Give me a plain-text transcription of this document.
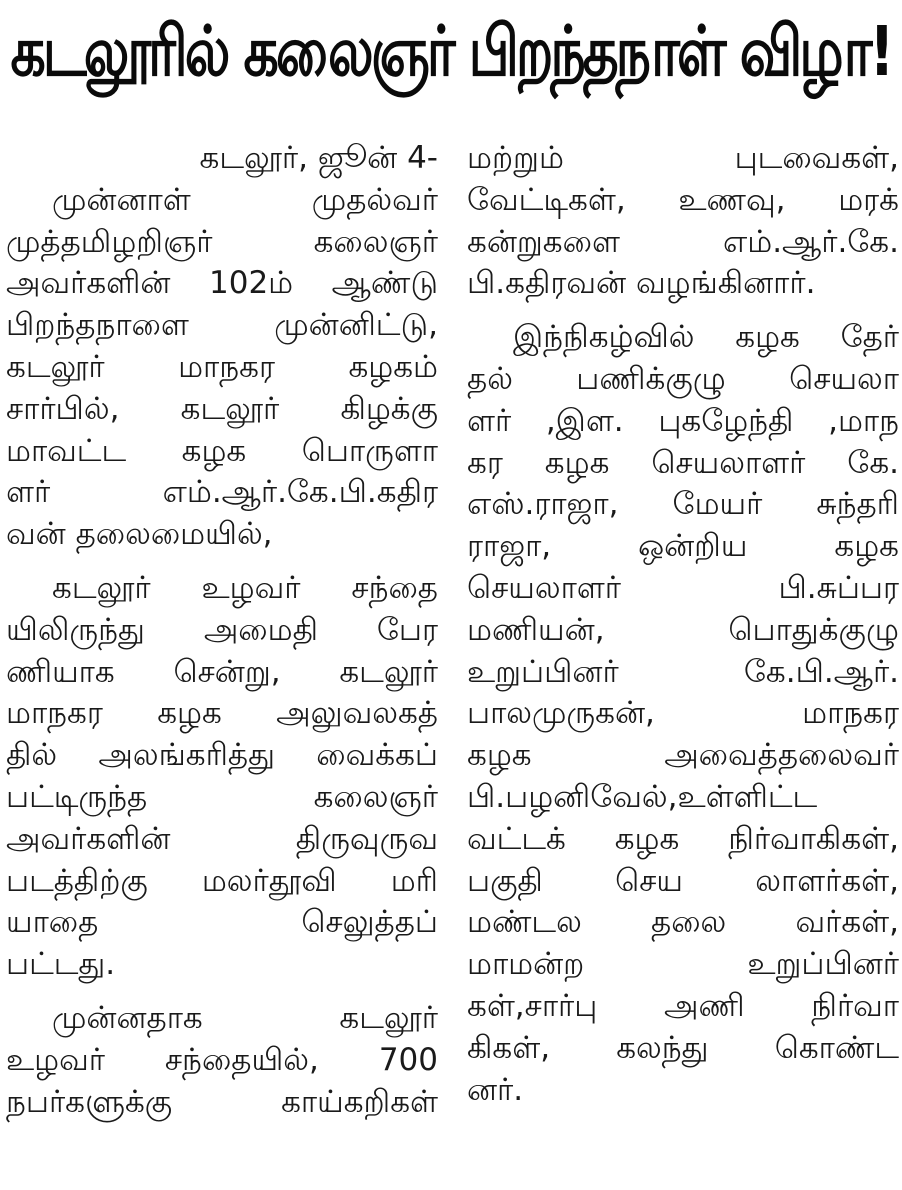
கடலூரில் கலைஞர் பிறந்தநாள் விழா!
கடலூர், ஜூன் 4-
முன்னாள் முதல்வர்
முத்தமிழறிஞர் கலைஞர்
அவர்களின் 102ம் ஆண்டு
பிறந்தநாளை முன்னிட்டு,
கடலூர் மாநகர கழகம்
சார்பில், கடலூர் கிழக்கு
மாவட்ட கழக பொருளா
ளர் எம்.ஆர்.கே.பி.கதிர
வன் தலைமையில்,
கடலூர் உழவர் சந்தை
யிலிருந்து அமைதி பேர
ணியாக சென்று, கடலூர்
மாநகர கழக அலுவலகத்
தில் அலங்கரித்து வைக்கப்
பட்டிருந்த கலைஞர்
அவர்களின் திருவுருவ
படத்திற்கு மலர்தூவி மரி
யாதை செலுத்தப்
பட்டது.
முன்னதாக கடலூர்
உழவர் சந்தையில், 700
நபர்களுக்கு காய்கறிகள்
மற்றும் புடவைகள்,
வேட்டிகள், உணவு, மரக்
கன்றுகளை எம்.ஆர்.கே.
பி.கதிரவன் வழங்கினார்.
இந்நிகழ்வில் கழக தேர்
தல் பணிக்குழு செயலா
ளர் ,இள. புகழேந்தி ,மாந
கர கழக செயலாளர் கே.
எஸ்.ராஜா, மேயர் சுந்தரி
ராஜா, ஒன்றிய கழக
செயலாளர் பி.சுப்பர
மணியன், பொதுக்குழு
உறுப்பினர் கே.பி.ஆர்.
பாலமுருகன், மாநகர
கழக அவைத்தலைவர்
பி.பழனிவேல்,உள்ளிட்ட
வட்டக் கழக நிர்வாகிகள்,
பகுதி செய லாளர்கள்,
மண்டல தலை வர்கள்,
மாமன்ற உறுப்பினர்
கள்,சார்பு அணி நிர்வா
கிகள், கலந்து கொண்ட
னர்.
